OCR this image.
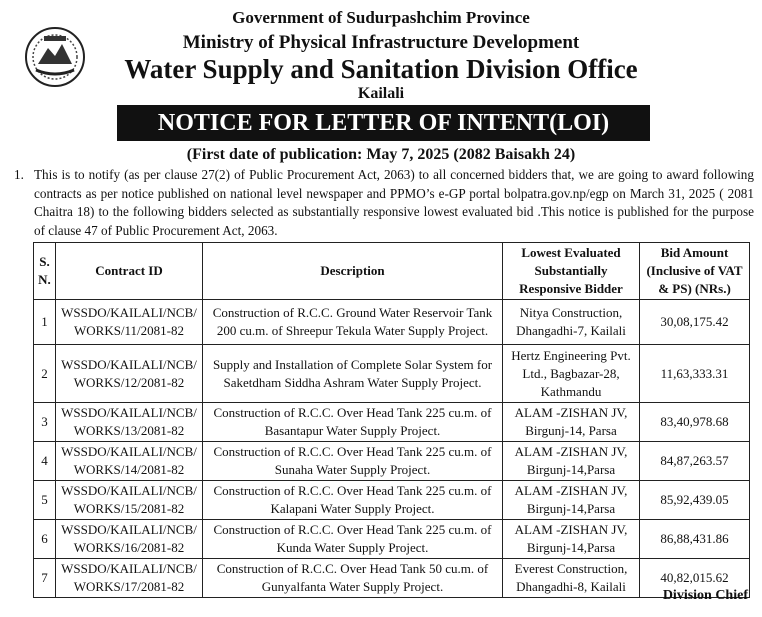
Government of Sudurpashchim Province
Ministry of Physical Infrastructure Development
Water Supply and Sanitation Division Office
Kailali
NOTICE FOR LETTER OF INTENT(LOI)
(First date of publication: May 7, 2025 (2082 Baisakh 24)
1. This is to notify (as per clause 27(2) of Public Procurement Act, 2063) to all concerned bidders that, we are going to award following contracts as per notice published on national level newspaper and PPMO’s e-GP portal bolpatra.gov.np/egp on March 31, 2025 ( 2081 Chaitra 18) to the following bidders selected as substantially responsive lowest evaluated bid .This notice is published for the purpose of clause 47 of Public Procurement Act, 2063.
S. N.	Contract ID	Description	Lowest Evaluated Substantially Responsive Bidder	Bid Amount (Inclusive of VAT & PS) (NRs.)
1	WSSDO/KAILALI/NCB/ WORKS/11/2081-82	Construction of R.C.C. Ground Water Reservoir Tank 200 cu.m. of Shreepur Tekula Water Supply Project.	Nitya Construction, Dhangadhi-7, Kailali	30,08,175.42
2	WSSDO/KAILALI/NCB/ WORKS/12/2081-82	Supply and Installation of Complete Solar System for Saketdham Siddha Ashram Water Supply Project.	Hertz Engineering Pvt. Ltd., Bagbazar-28, Kathmandu	11,63,333.31
3	WSSDO/KAILALI/NCB/ WORKS/13/2081-82	Construction of R.C.C. Over Head Tank 225 cu.m. of Basantapur Water Supply Project.	ALAM -ZISHAN JV, Birgunj-14, Parsa	83,40,978.68
4	WSSDO/KAILALI/NCB/ WORKS/14/2081-82	Construction of R.C.C. Over Head Tank 225 cu.m. of Sunaha Water Supply Project.	ALAM -ZISHAN JV, Birgunj-14,Parsa	84,87,263.57
5	WSSDO/KAILALI/NCB/ WORKS/15/2081-82	Construction of R.C.C. Over Head Tank 225 cu.m. of Kalapani Water Supply Project.	ALAM -ZISHAN JV, Birgunj-14,Parsa	85,92,439.05
6	WSSDO/KAILALI/NCB/ WORKS/16/2081-82	Construction of R.C.C. Over Head Tank 225 cu.m. of Kunda Water Supply Project.	ALAM -ZISHAN JV, Birgunj-14,Parsa	86,88,431.86
7	WSSDO/KAILALI/NCB/ WORKS/17/2081-82	Construction of R.C.C. Over Head Tank 50 cu.m. of Gunyalfanta Water Supply Project.	Everest Construction, Dhangadhi-8, Kailali	40,82,015.62
Division Chief
